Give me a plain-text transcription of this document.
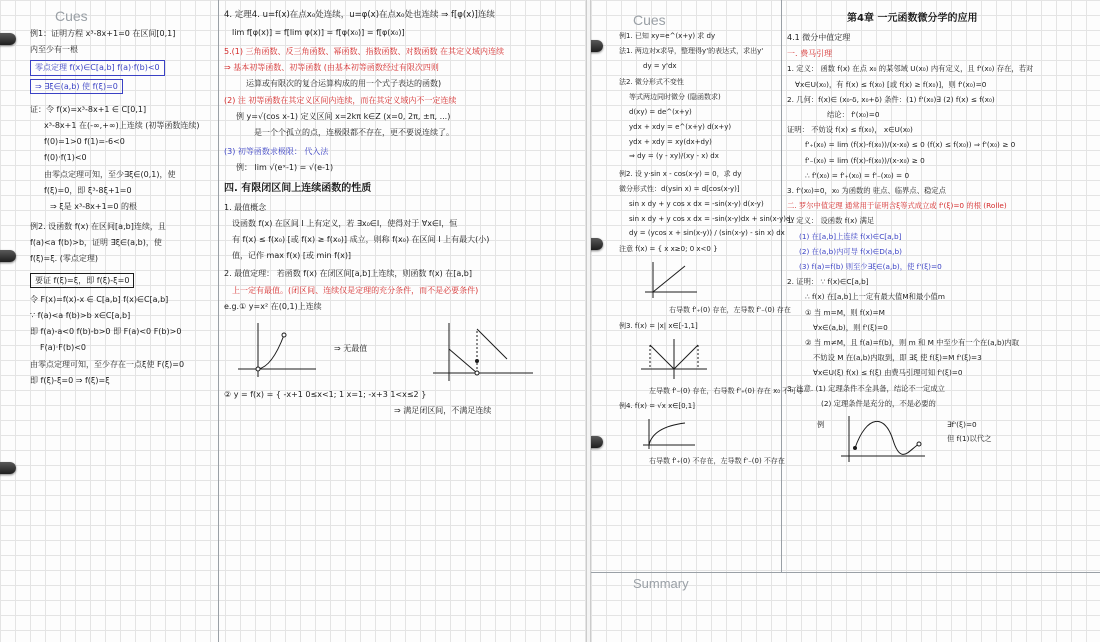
Cues
例1：证明方程 x³-8x+1=0 在区间[0,1]
内至少有一根
零点定理 f(x)∈C[a,b] f(a)·f(b)<0 ⇒ ∃ξ∈(a,b) 使 f(ξ)=0
证：令 f(x)=x³-8x+1 ∈ C[0,1]
x³-8x+1 在(-∞,+∞)上连续 (初等函数连续)
f(0)=1>0 f(1)=-6<0
f(0)·f(1)<0
由零点定理可知，至少∃ξ∈(0,1)，使
f(ξ)=0，即 ξ³-8ξ+1=0
⇒ ξ是 x³-8x+1=0 的根
例2. 设函数 f(x) 在区间[a,b]连续，且
f(a)<a f(b)>b，证明 ∃ξ∈(a,b)，使
f(ξ)=ξ. (零点定理)
要证 f(ξ)=ξ，即 f(ξ)-ξ=0
令 F(x)=f(x)-x ∈ C[a,b] f(x)∈C[a,b]
∵ f(a)<a f(b)>b x∈C[a,b]
即 f(a)-a<0 f(b)-b>0 即 F(a)<0 F(b)>0
F(a)·F(b)<0
由零点定理可知，至少存在一点ξ使 F(ξ)=0
即 f(ξ)-ξ=0 ⇒ f(ξ)=ξ
4. 定理4. u=f(x)在点x₀处连续，u=φ(x)在点x₀处也连续 ⇒ f[φ(x)]连续
lim f[φ(x)] = f[lim φ(x)] = f[φ(x₀)] = f[φ(x₀)]
5.(1) 三角函数、反三角函数、幂函数、指数函数、对数函数 在其定义域内连续
⇒ 基本初等函数、初等函数 (由基本初等函数经过有限次四则
运算或有限次的复合运算构成的用一个式子表达的函数)
(2) 注 初等函数在其定义区间内连续，而在其定义域内不一定连续
例 y=√(cos x-1) 定义区间 x=2kπ k∈Z (x=0, 2π, ±π, ...)
是一个个孤立的点，连极限都不存在，更不要说连续了。
(3) 初等函数求极限： 代入法
例： lim √(eˣ-1) = √(e-1)
四. 有限闭区间上连续函数的性质
1. 最值概念
设函数 f(x) 在区间 I 上有定义，若 ∃x₀∈I，使得对于 ∀x∈I，恒
有 f(x) ≤ f(x₀) [或 f(x) ≥ f(x₀)] 成立，则称 f(x₀) 在区间 I 上有最大(小)
值，记作 max f(x) [或 min f(x)]
2. 最值定理： 若函数 f(x) 在闭区间[a,b]上连续，则函数 f(x) 在[a,b]
上一定有最值。(闭区间、连续仅是定理的充分条件，而不是必要条件)
e.g.① y=x² 在(0,1)上连续
⇒ 无最值
② y = f(x) = { -x+1 0≤x<1; 1 x=1; -x+3 1<x≤2 }
⇒ 满足闭区间，不满足连续
Cues
Summary
例1. 已知 xy=e^(x+y) 求 dy
法1. 两边对x求导，整理得y'的表达式，求出y'
dy = y'dx
法2. 微分形式不变性
等式两边同时微分 (隐函数求)
d(xy) = de^(x+y)
ydx + xdy = e^(x+y) d(x+y)
ydx + xdy = xy(dx+dy)
⇒ dy = (y - xy)/(xy - x) dx
例2. 设 y·sin x - cos(x-y) = 0，求 dy
微分形式性：d(ysin x) = d[cos(x-y)]
sin x dy + y cos x dx = -sin(x-y) d(x-y)
sin x dy + y cos x dx = -sin(x-y)dx + sin(x-y)dy
dy = (ycos x + sin(x-y)) / (sin(x-y) - sin x) dx
注意 f(x) = { x x≥0; 0 x<0 }
右导数 f'₊(0) 存在，左导数 f'₋(0) 存在
例3. f(x) = |x| x∈[-1,1]
左导数 f'₋(0) 存在，右导数 f'₊(0) 存在 x₀ 不可导
例4. f(x) = √x x∈[0,1]
右导数 f'₊(0) 不存在，左导数 f'₋(0) 不存在
第4章 一元函数微分学的应用
4.1 微分中值定理
一. 费马引理
1. 定义： 函数 f(x) 在点 x₀ 的某邻域 U(x₀) 内有定义，且 f'(x₀) 存在，若对
∀x∈U(x₀)，有 f(x) ≤ f(x₀) [或 f(x) ≥ f(x₀)]，则 f'(x₀)=0
2. 几何：f(x)∈ (x₀-δ, x₀+δ) 条件：(1) f'(x₀)∃ (2) f(x) ≤ f(x₀)
结论： f'(x₀)=0
证明： 不妨设 f(x) ≤ f(x₀)， x∈U(x₀)
f'₊(x₀) = lim (f(x)-f(x₀))/(x-x₀) ≤ 0 (f(x) ≤ f(x₀)) ⇒ f'(x₀) ≥ 0
f'₋(x₀) = lim (f(x)-f(x₀))/(x-x₀) ≥ 0
∴ f'(x₀) = f'₊(x₀) = f'₋(x₀) = 0
3. f'(x₀)=0，x₀ 为函数的 驻点、临界点、稳定点
二. 罗尔中值定理 通常用于证明含ξ等式成立或 f'(ξ)=0 的根 (Rolle)
1. 定义： 设函数 f(x) 满足
(1) 在[a,b]上连续 f(x)∈C[a,b]
(2) 在(a,b)内可导 f(x)∈D(a,b)
(3) f(a)=f(b) 则至少∃ξ∈(a,b)，使 f'(ξ)=0
2. 证明： ∵ f(x)∈C[a,b]
∴ f(x) 在[a,b]上一定有最大值M和最小值m
① 当 m=M，则 f(x)=M
∀x∈(a,b)，则 f'(ξ)=0
② 当 m≠M，且 f(a)=f(b)，则 m 和 M 中至少有一个在(a,b)内取
不妨设 M 在(a,b)内取到，即 ∃ξ 使 f(ξ)=M f'(ξ)=3
∀x∈U(ξ) f(x) ≤ f(ξ) 由费马引理可知 f'(ξ)=0
3. 注意. (1) 定理条件不全具备，结论不一定成立
(2) 定理条件是充分的，不是必要的
例	∃f'(ξ)=0
但 f(1)以代之
